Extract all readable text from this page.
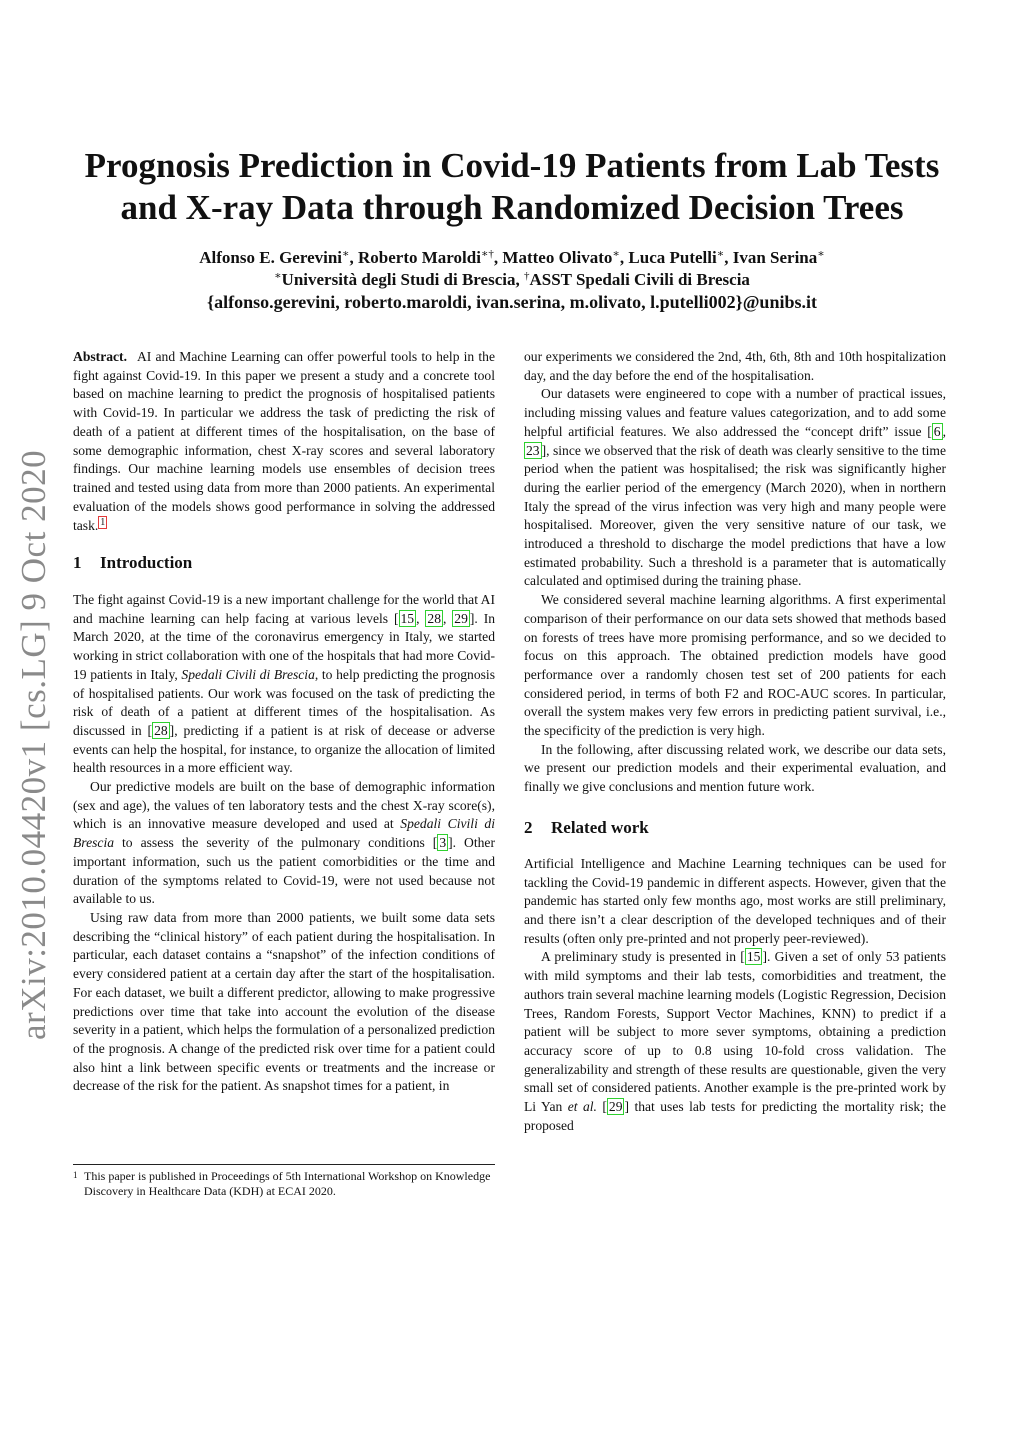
arXiv:2010.04420v1 [cs.LG] 9 Oct 2020
Prognosis Prediction in Covid-19 Patients from Lab Tests
and X-ray Data through Randomized Decision Trees
Alfonso E. Gerevini∗, Roberto Maroldi∗†, Matteo Olivato∗, Luca Putelli∗, Ivan Serina∗
∗Università degli Studi di Brescia, †ASST Spedali Civili di Brescia
{alfonso.gerevini, roberto.maroldi, ivan.serina, m.olivato, l.putelli002}@unibs.it

Abstract. AI and Machine Learning can offer powerful tools to help in the fight against Covid-19. In this paper we present a study and a concrete tool based on machine learning to predict the prognosis of hospitalised patients with Covid-19. In particular we address the task of predicting the risk of death of a patient at different times of the hospitalisation, on the base of some demographic information, chest X-ray scores and several laboratory findings. Our machine learning models use ensembles of decision trees trained and tested using data from more than 2000 patients. An experimental evaluation of the models shows good performance in solving the addressed task. 1

1 Introduction

The fight against Covid-19 is a new important challenge for the world that AI and machine learning can help facing at various levels [ 15 , 28 , 29 ]. In March 2020, at the time of the coronavirus emergency in Italy, we started working in strict collaboration with one of the hospitals that had more Covid-19 patients in Italy, Spedali Civili di Brescia, to help predicting the prognosis of hospitalised patients. Our work was focused on the task of predicting the risk of death of a patient at different times of the hospitalisation. As discussed in [ 28 ], predicting if a patient is at risk of decease or adverse events can help the hospital, for instance, to organize the allocation of limited health resources in a more efficient way.

Our predictive models are built on the base of demographic information (sex and age), the values of ten laboratory tests and the chest X-ray score(s), which is an innovative measure developed and used at Spedali Civili di Brescia to assess the severity of the pulmonary conditions [ 3 ]. Other important information, such us the patient comorbidities or the time and duration of the symptoms related to Covid-19, were not used because not available to us.

Using raw data from more than 2000 patients, we built some data sets describing the “clinical history” of each patient during the hospitalisation. In particular, each dataset contains a “snapshot” of the infection conditions of every considered patient at a certain day after the start of the hospitalisation. For each dataset, we built a different predictor, allowing to make progressive predictions over time that take into account the evolution of the disease severity in a patient, which helps the formulation of a personalized prediction of the prognosis. A change of the predicted risk over time for a patient could also hint a link between specific events or treatments and the increase or decrease of the risk for the patient. As snapshot times for a patient, in

1 This paper is published in Proceedings of 5th International Workshop on Knowledge Discovery in Healthcare Data (KDH) at ECAI 2020.

our experiments we considered the 2nd, 4th, 6th, 8th and 10th hospitalization day, and the day before the end of the hospitalisation.

Our datasets were engineered to cope with a number of practical issues, including missing values and feature values categorization, and to add some helpful artificial features. We also addressed the “concept drift” issue [ 6 , 23 ], since we observed that the risk of death was clearly sensitive to the time period when the patient was hospitalised; the risk was significantly higher during the earlier period of the emergency (March 2020), when in northern Italy the spread of the virus infection was very high and many people were hospitalised. Moreover, given the very sensitive nature of our task, we introduced a threshold to discharge the model predictions that have a low estimated probability. Such a threshold is a parameter that is automatically calculated and optimised during the training phase.

We considered several machine learning algorithms. A first experimental comparison of their performance on our data sets showed that methods based on forests of trees have more promising performance, and so we decided to focus on this approach. The obtained prediction models have good performance over a randomly chosen test set of 200 patients for each considered period, in terms of both F2 and ROC-AUC scores. In particular, overall the system makes very few errors in predicting patient survival, i.e., the specificity of the prediction is very high.

In the following, after discussing related work, we describe our data sets, we present our prediction models and their experimental evaluation, and finally we give conclusions and mention future work.

2 Related work

Artificial Intelligence and Machine Learning techniques can be used for tackling the Covid-19 pandemic in different aspects. However, given that the pandemic has started only few months ago, most works are still preliminary, and there isn’t a clear description of the developed techniques and of their results (often only pre-printed and not properly peer-reviewed).

A preliminary study is presented in [ 15 ]. Given a set of only 53 patients with mild symptoms and their lab tests, comorbidities and treatment, the authors train several machine learning models (Logistic Regression, Decision Trees, Random Forests, Support Vector Machines, KNN) to predict if a patient will be subject to more sever symptoms, obtaining a prediction accuracy score of up to 0.8 using 10-fold cross validation. The generalizability and strength of these results are questionable, given the very small set of considered patients. Another example is the pre-printed work by Li Yan et al. [ 29 ] that uses lab tests for predicting the mortality risk; the proposed
